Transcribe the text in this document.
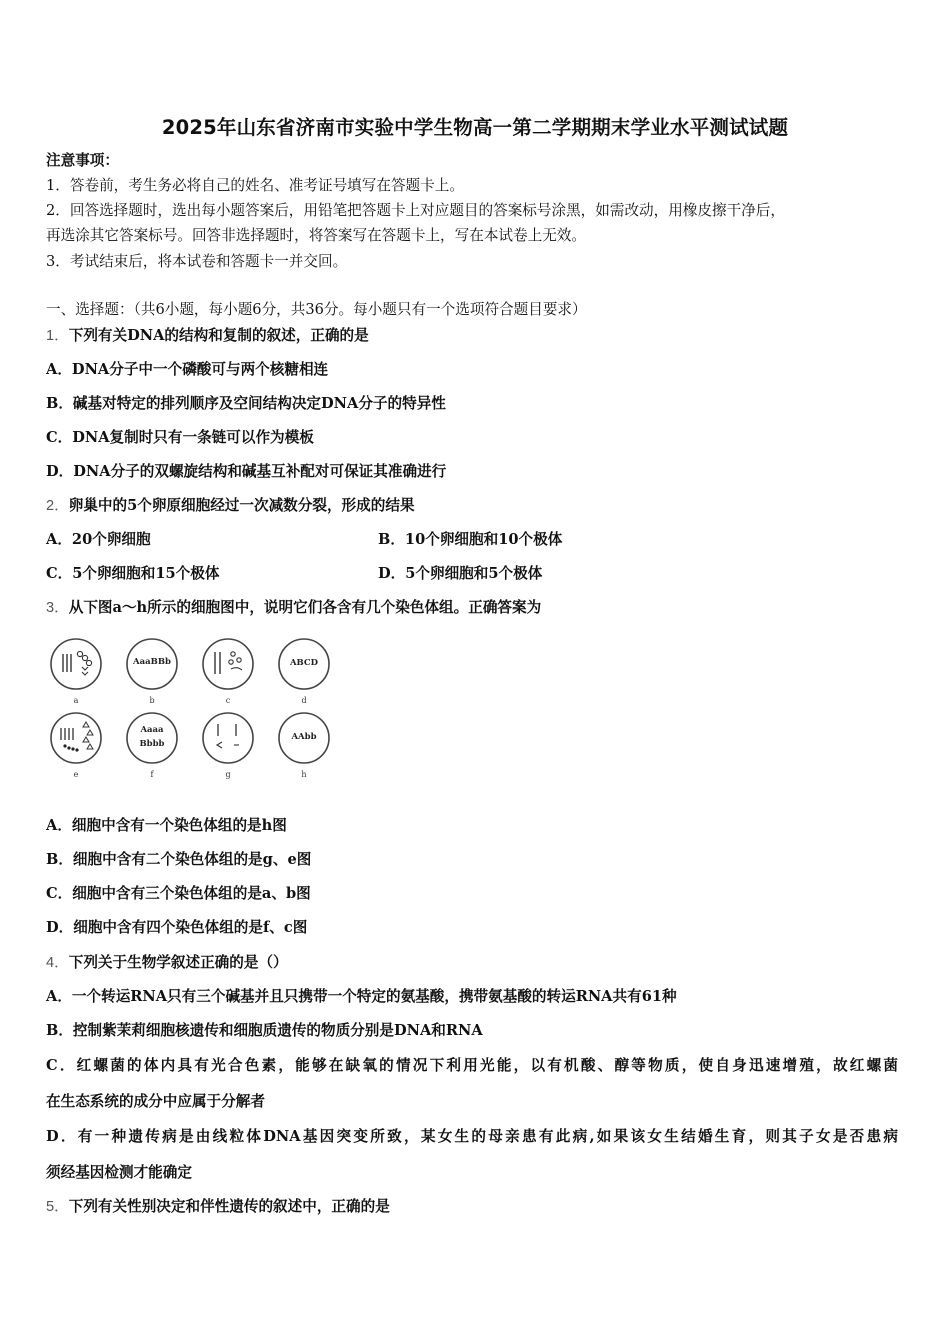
2025年山东省济南市实验中学生物高一第二学期期末学业水平测试试题
注意事项：
1．答卷前，考生务必将自己的姓名、准考证号填写在答题卡上。
2．回答选择题时，选出每小题答案后，用铅笔把答题卡上对应题目的答案标号涂黑，如需改动，用橡皮擦干净后，
再选涂其它答案标号。回答非选择题时，将答案写在答题卡上，写在本试卷上无效。
3．考试结束后，将本试卷和答题卡一并交回。
一、选择题：（共6小题，每小题6分，共36分。每小题只有一个选项符合题目要求）
1．下列有关DNA的结构和复制的叙述，正确的是
A．DNA分子中一个磷酸可与两个核糖相连
B．碱基对特定的排列顺序及空间结构决定DNA分子的特异性
C．DNA复制时只有一条链可以作为模板
D．DNA分子的双螺旋结构和碱基互补配对可保证其准确进行
2．卵巢中的5个卵原细胞经过一次减数分裂，形成的结果
A．20个卵细胞	B．10个卵细胞和10个极体
C．5个卵细胞和15个极体	D．5个卵细胞和5个极体
3．从下图a～h所示的细胞图中，说明它们各含有几个染色体组。正确答案为
a
AaaBBb
b	c
ABCD
d
e
Aaaa
Bbbb
f	g
AAbb
h
A．细胞中含有一个染色体组的是h图
B．细胞中含有二个染色体组的是g、e图
C．细胞中含有三个染色体组的是a、b图
D．细胞中含有四个染色体组的是f、c图
4．下列关于生物学叙述正确的是（）
A．一个转运RNA只有三个碱基并且只携带一个特定的氨基酸，携带氨基酸的转运RNA共有61种
B．控制紫茉莉细胞核遗传和细胞质遗传的物质分别是DNA和RNA
C．红螺菌的体内具有光合色素，能够在缺氧的情况下利用光能，以有机酸、醇等物质，使自身迅速增殖，故红螺菌
在生态系统的成分中应属于分解者
D．有一种遗传病是由线粒体DNA基因突变所致，某女生的母亲患有此病,如果该女生结婚生育，则其子女是否患病
须经基因检测才能确定
5．下列有关性别决定和伴性遗传的叙述中，正确的是
